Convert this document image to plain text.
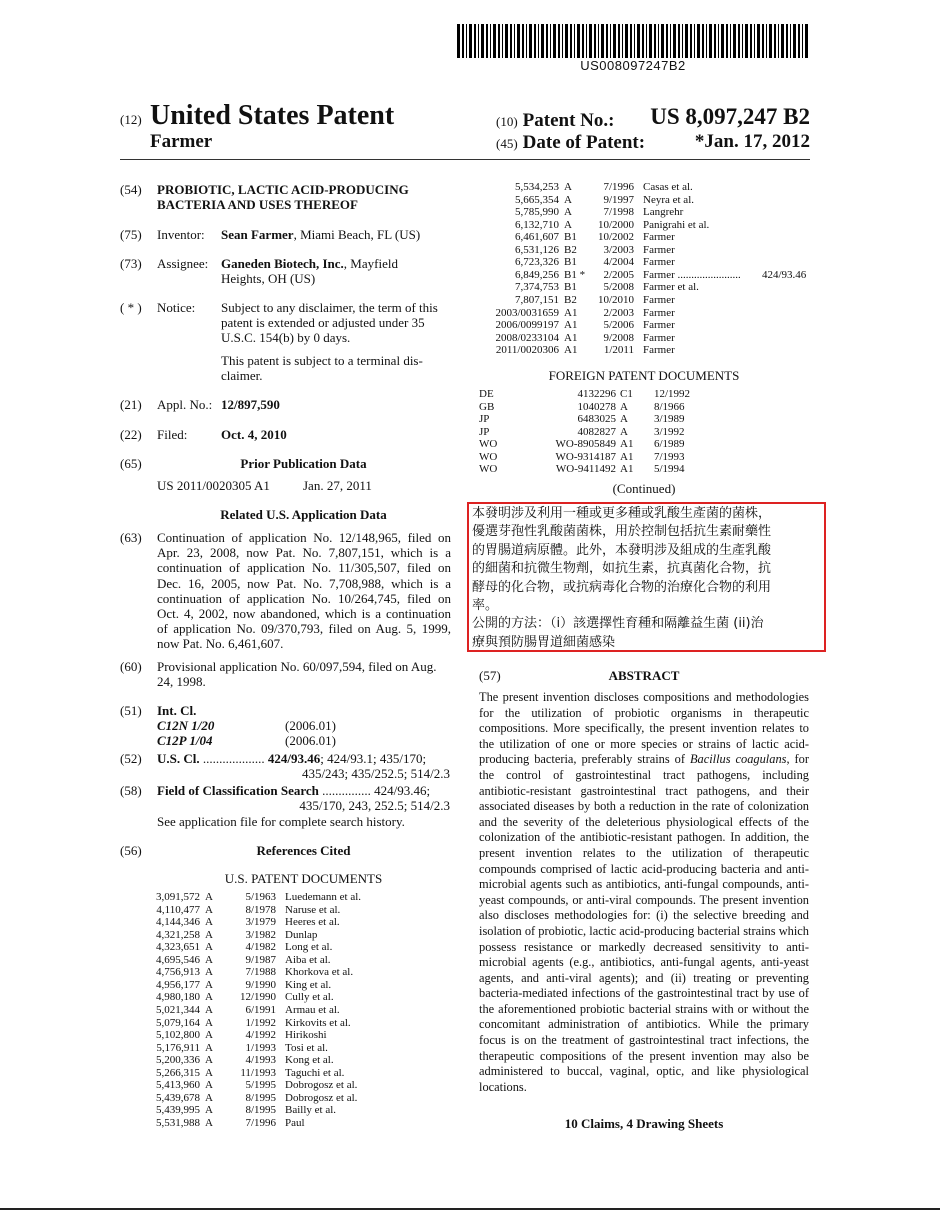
US008097247B2
(12) United States Patent
Farmer
(10) Patent No.:
(45) Date of Patent:
US 8,097,247 B2
*Jan. 17, 2012
(54) PROBIOTIC, LACTIC ACID-PRODUCING
BACTERIA AND USES THEREOF
(75) Inventor: Sean Farmer, Miami Beach, FL (US)
(73) Assignee: Ganeden Biotech, Inc., Mayfield
Heights, OH (US)
( * ) Notice: Subject to any disclaimer, the term of this
patent is extended or adjusted under 35
U.S.C. 154(b) by 0 days.
This patent is subject to a terminal dis-
claimer.
(21) Appl. No.: 12/897,590
(22) Filed:	Oct. 4, 2010
(65)	Prior Publication Data
US 2011/0020305 A1	Jan. 27, 2011
Related U.S. Application Data
(63) Continuation of application No. 12/148,965, filed on
Apr. 23, 2008, now Pat. No. 7,807,151, which is a
continuation of application No. 11/305,507, filed on
Dec. 16, 2005, now Pat. No. 7,708,988, which is a
continuation of application No. 10/264,745, filed on
Oct. 4, 2002, now abandoned, which is a continuation
of application No. 09/370,793, filed on Aug. 5, 1999,
now Pat. No. 6,461,607.
(60) Provisional application No. 60/097,594, filed on Aug.
24, 1998.
(51) Int. Cl.
C12N 1/20	(2006.01)
C12P 1/04	(2006.01)
(52) U.S. Cl. ................... 424/93.46; 424/93.1; 435/170;
435/243; 435/252.5; 514/2.3
(58) Field of Classification Search ............... 424/93.46;
435/170, 243, 252.5; 514/2.3
See application file for complete search history.
(56)	References Cited
U.S. PATENT DOCUMENTS
3,091,572 A	5/1963 Luedemann et al.
4,110,477 A	8/1978 Naruse et al.
4,144,346 A	3/1979 Heeres et al.
4,321,258 A	3/1982 Dunlap
4,323,651 A	4/1982 Long et al.
4,695,546 A	9/1987 Aiba et al.
4,756,913 A	7/1988 Khorkova et al.
4,956,177 A	9/1990 King et al.
4,980,180 A	12/1990 Cully et al.
5,021,344 A	6/1991 Armau et al.
5,079,164 A	1/1992 Kirkovits et al.
5,102,800 A	4/1992 Hirikoshi
5,176,911 A	1/1993 Tosi et al.
5,200,336 A	4/1993 Kong et al.
5,266,315 A	11/1993 Taguchi et al.
5,413,960 A	5/1995 Dobrogosz et al.
5,439,678 A	8/1995 Dobrogosz et al.
5,439,995 A	8/1995 Bailly et al.
5,531,988 A	7/1996 Paul
5,534,253 A	7/1996 Casas et al.
5,665,354 A	9/1997 Neyra et al.
5,785,990 A	7/1998 Langrehr
6,132,710 A	10/2000 Panigrahi et al.
6,461,607 B1	10/2002 Farmer
6,531,126 B2	3/2003 Farmer
6,723,326 B1	4/2004 Farmer
6,849,256 B1 *	2/2005 Farmer ....................... 424/93.46
7,374,753 B1	5/2008 Farmer et al.
7,807,151 B2	10/2010 Farmer
2003/0031659 A1	2/2003 Farmer
2006/0099197 A1	5/2006 Farmer
2008/0233104 A1	9/2008 Farmer
2011/0020306 A1	1/2011 Farmer
FOREIGN PATENT DOCUMENTS
DE	4132296 C1 12/1992
GB	1040278 A 8/1966
JP	6483025 A 3/1989
JP	4082827 A 3/1992
WO	WO-8905849 A1 6/1989
WO	WO-9314187 A1 7/1993
WO	WO-9411492 A1 5/1994
(Continued)
本發明涉及利用一種或更多種或乳酸生產菌的菌株，
優選芽孢性乳酸菌菌株，用於控制包括抗生素耐藥性
的胃腸道病原體。此外，本發明涉及組成的生產乳酸
的細菌和抗微生物劑，如抗生素，抗真菌化合物，抗
酵母的化合物，或抗病毒化合物的治療化合物的利用
率。
公開的方法：（i）該選擇性育種和隔離益生菌 (ii)治
療與預防腸胃道細菌感染
(57)	ABSTRACT
The present invention discloses compositions and methodologies for the utilization of probiotic organisms in therapeutic compositions. More specifically, the present invention relates to the utilization of one or more species or strains of lactic acid-producing bacteria, preferably strains of Bacillus coagulans, for the control of gastrointestinal tract pathogens, including antibiotic-resistant gastrointestinal tract pathogens, and their associated diseases by both a reduction in the rate of colonization and the severity of the deleterious physiological effects of the colonization of the antibiotic-resistant pathogen. In addition, the present invention relates to the utilization of therapeutic compounds comprised of lactic acid-producing bacteria and anti-microbial agents such as antibiotics, anti-fungal compounds, anti-yeast compounds, or anti-viral compounds. The present invention also discloses methodologies for: (i) the selective breeding and isolation of probiotic, lactic acid-producing bacterial strains which possess resistance or markedly decreased sensitivity to anti-microbial agents (e.g., antibiotics, anti-fungal agents, anti-yeast agents, and anti-viral agents); and (ii) treating or preventing bacteria-mediated infections of the gastrointestinal tract by use of the aforementioned probiotic bacterial strains with or without the concomitant administration of antibiotics. While the primary focus is on the treatment of gastrointestinal tract infections, the therapeutic compositions of the present invention may also be administered to buccal, vaginal, optic, and like physiological locations.
10 Claims, 4 Drawing Sheets
